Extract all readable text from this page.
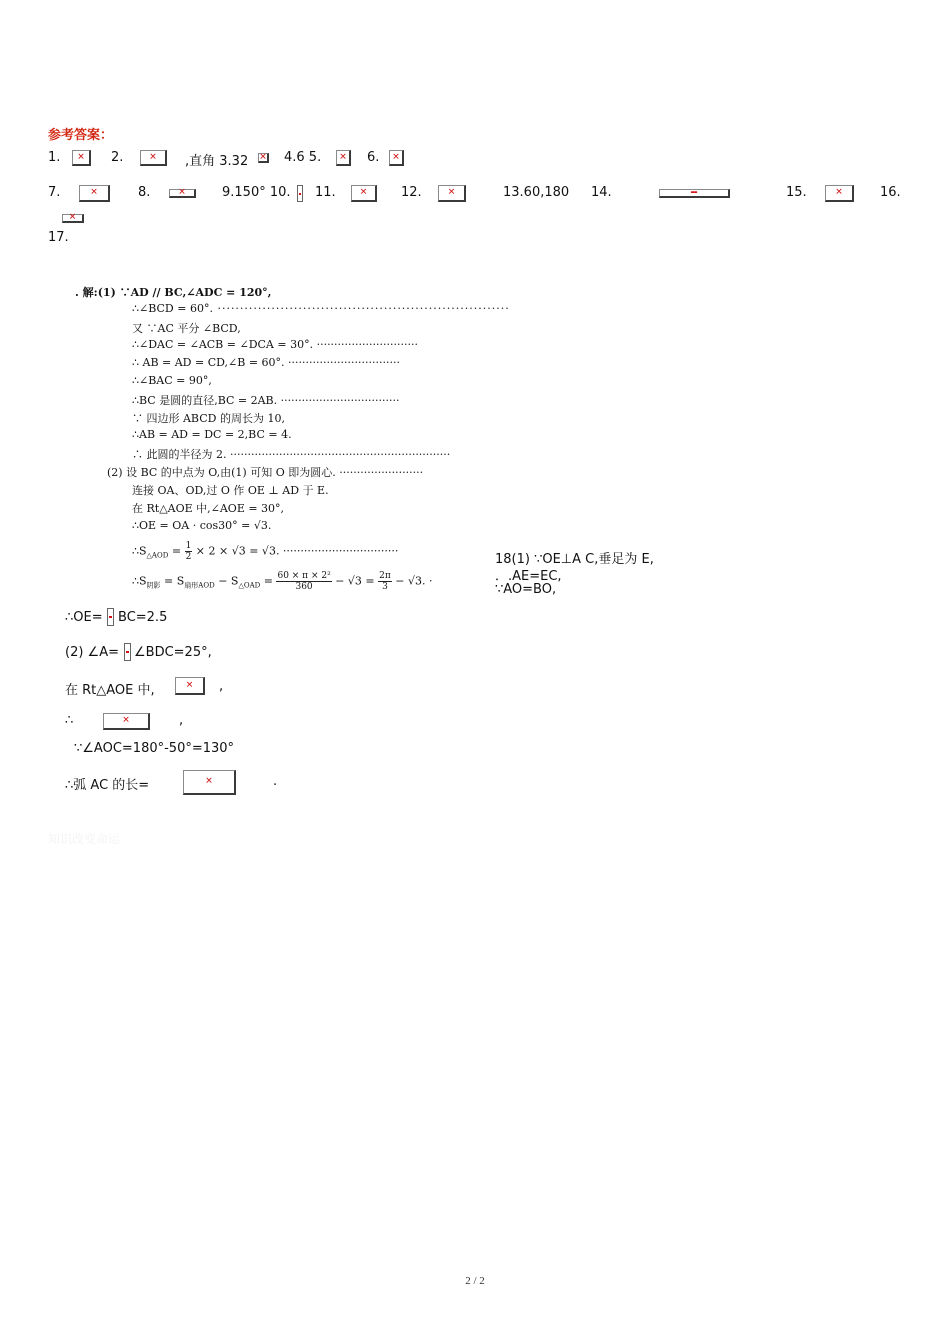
参考答案：
1. ✕	2. ✕	,直角 3.32 ✕	4.6 5. ✕	6.
✕
7. ✕	8. ✕	9.150° 10. 11. ✕	12. ✕	13.60,180 14. ━	15. ✕	16.
✕
17.
. 解:(1) ∵AD // BC,∠ADC = 120°,
∴∠BCD = 60°. ·································································
又 ∵AC 平分 ∠BCD,
∴∠DAC = ∠ACB = ∠DCA = 30°. ·····························
∴ AB = AD = CD,∠B = 60°. ································
∴∠BAC = 90°,
∴BC 是圆的直径,BC = 2AB. ··································
∵ 四边形 ABCD 的周长为 10,
∴AB = AD = DC = 2,BC = 4.
∴ 此圆的半径为 2. ·······························································
(2) 设 BC 的中点为 O,由(1) 可知 O 即为圆心. ························
连接 OA、OD,过 O 作 OE ⊥ AD 于 E.
在 Rt△AOE 中,∠AOE = 30°,
∴OE = OA · cos30° = √3.
$\therefore S_{\triangle AOD} = \frac{1}{2} \times 2 \times √3 = √3$. ·································
$\therefore S_{阴影} = S_{扇形AOD} - S_{\triangle OAD} = \frac{\text{60 × π × 2²}}{360} - √3 = \frac{2\pi}{3} - √3$. ·
18(1) ∵OE⊥A C,垂足为 E,
．.AE=EC,
∵AO=BO,
∴OE= BC=2.5
(2) ∠A= ∠BDC=25°,
在 Rt△AOE 中, ✕	,
∴ ✕	,
∵∠AOC=180°-50°=130°
∴弧 AC 的长= ✕	.
知识改变命运
2 / 2
